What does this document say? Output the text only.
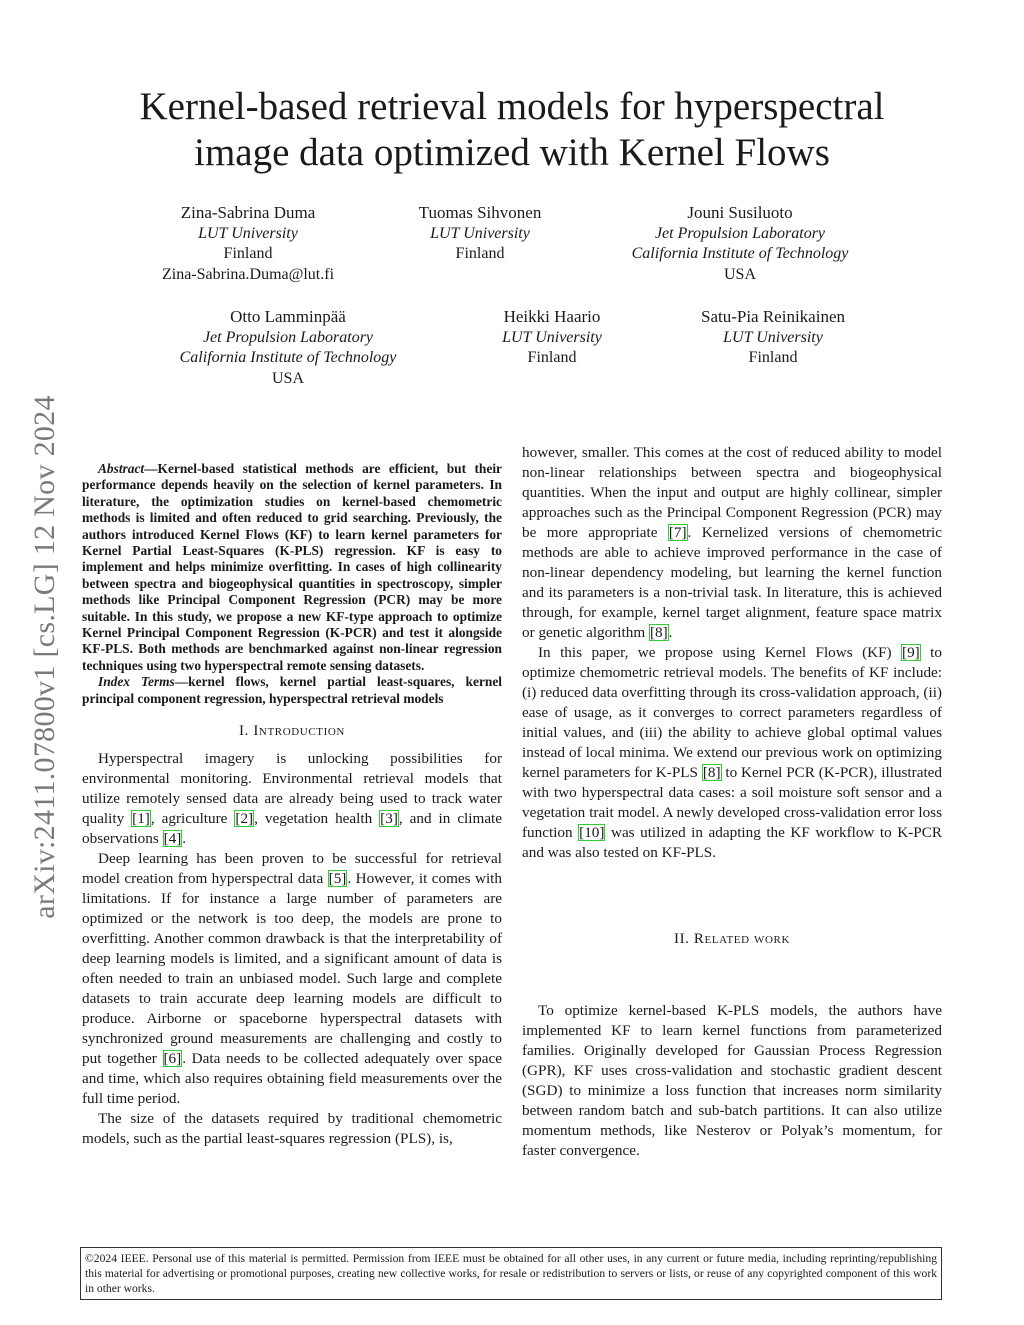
arXiv:2411.07800v1 [cs.LG] 12 Nov 2024
Kernel-based retrieval models for hyperspectral
image data optimized with Kernel Flows
Zina-Sabrina Duma
LUT University
Finland
Zina-Sabrina.Duma@lut.fi
Tuomas Sihvonen
LUT University
Finland
Jouni Susiluoto
Jet Propulsion Laboratory
California Institute of Technology
USA
Otto Lamminpää
Jet Propulsion Laboratory
California Institute of Technology
USA
Heikki Haario
LUT University
Finland
Satu-Pia Reinikainen
LUT University
Finland

Abstract—Kernel-based statistical methods are efficient, but their performance depends heavily on the selection of kernel parameters. In literature, the optimization studies on kernel-based chemometric methods is limited and often reduced to grid searching. Previously, the authors introduced Kernel Flows (KF) to learn kernel parameters for Kernel Partial Least-Squares (K-PLS) regression. KF is easy to implement and helps minimize overfitting. In cases of high collinearity between spectra and biogeophysical quantities in spectroscopy, simpler methods like Principal Component Regression (PCR) may be more suitable. In this study, we propose a new KF-type approach to optimize Kernel Principal Component Regression (K-PCR) and test it alongside KF-PLS. Both methods are benchmarked against non-linear regression techniques using two hyperspectral remote sensing datasets.

Index Terms—kernel flows, kernel partial least-squares, kernel principal component regression, hyperspectral retrieval models

I. Introduction

Hyperspectral imagery is unlocking possibilities for environmental monitoring. Environmental retrieval models that utilize remotely sensed data are already being used to track water quality [1], agriculture [2], vegetation health [3], and in climate observations [4].

Deep learning has been proven to be successful for retrieval model creation from hyperspectral data [5]. However, it comes with limitations. If for instance a large number of parameters are optimized or the network is too deep, the models are prone to overfitting. Another common drawback is that the interpretability of deep learning models is limited, and a significant amount of data is often needed to train an unbiased model. Such large and complete datasets to train accurate deep learning models are difficult to produce. Airborne or spaceborne hyperspectral datasets with synchronized ground measurements are challenging and costly to put together [6]. Data needs to be collected adequately over space and time, which also requires obtaining field measurements over the full time period.

The size of the datasets required by traditional chemometric models, such as the partial least-squares regression (PLS), is,

however, smaller. This comes at the cost of reduced ability to model non-linear relationships between spectra and biogeophysical quantities. When the input and output are highly collinear, simpler approaches such as the Principal Component Regression (PCR) may be more appropriate [7]. Kernelized versions of chemometric methods are able to achieve improved performance in the case of non-linear dependency modeling, but learning the kernel function and its parameters is a non-trivial task. In literature, this is achieved through, for example, kernel target alignment, feature space matrix or genetic algorithm [8].

In this paper, we propose using Kernel Flows (KF) [9] to optimize chemometric retrieval models. The benefits of KF include: (i) reduced data overfitting through its cross-validation approach, (ii) ease of usage, as it converges to correct parameters regardless of initial values, and (iii) the ability to achieve global optimal values instead of local minima. We extend our previous work on optimizing kernel parameters for K-PLS [8] to Kernel PCR (K-PCR), illustrated with two hyperspectral data cases: a soil moisture soft sensor and a vegetation trait model. A newly developed cross-validation error loss function [10] was utilized in adapting the KF workflow to K-PCR and was also tested on KF-PLS.

II. Related work

To optimize kernel-based K-PLS models, the authors have implemented KF to learn kernel functions from parameterized families. Originally developed for Gaussian Process Regression (GPR), KF uses cross-validation and stochastic gradient descent (SGD) to minimize a loss function that increases norm similarity between random batch and sub-batch partitions. It can also utilize momentum methods, like Nesterov or Polyak’s momentum, for faster convergence.

©2024 IEEE. Personal use of this material is permitted. Permission from IEEE must be obtained for all other uses, in any current or future media, including reprinting/republishing this material for advertising or promotional purposes, creating new collective works, for resale or redistribution to servers or lists, or reuse of any copyrighted component of this work in other works.
